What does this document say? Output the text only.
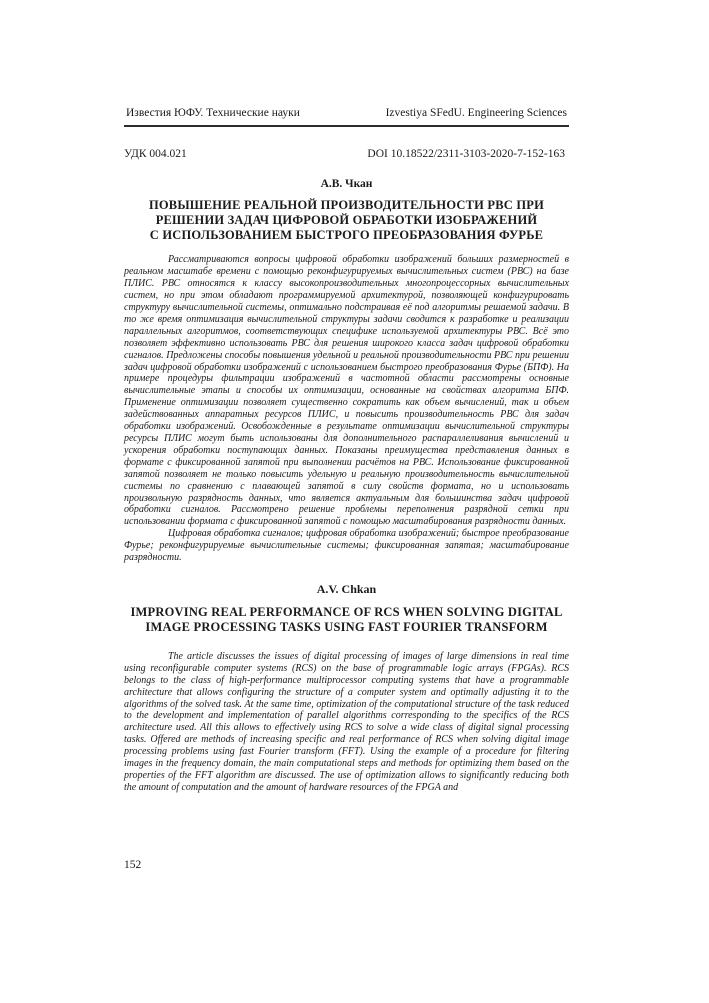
Известия ЮФУ. Технические науки	Izvestiya SFedU. Engineering Sciences
УДК 004.021	DOI 10.18522/2311-3103-2020-7-152-163
А.В. Чкан
ПОВЫШЕНИЕ РЕАЛЬНОЙ ПРОИЗВОДИТЕЛЬНОСТИ РВС ПРИ
РЕШЕНИИ ЗАДАЧ ЦИФРОВОЙ ОБРАБОТКИ ИЗОБРАЖЕНИЙ
С ИСПОЛЬЗОВАНИЕМ БЫСТРОГО ПРЕОБРАЗОВАНИЯ ФУРЬЕ

Рассматриваются вопросы цифровой обработки изображений больших размерностей в реальном масштабе времени с помощью реконфигурируемых вычислительных систем (РВС) на базе ПЛИС. РВС относятся к классу высокопроизводительных многопроцессорных вычислительных систем, но при этом обладают программируемой архитектурой, позволяющей конфигурировать структуру вычислительной системы, оптимально подстраивая её под алгоритмы решаемой задачи. В то же время оптимизация вычислительной структуры задачи сводится к разработке и реализации параллельных алгоритмов, соответствующих специфике используемой архитектуры РВС. Всё это позволяет эффективно использовать РВС для решения широкого класса задач цифровой обработки сигналов. Предложены способы повышения удельной и реальной производительности РВС при решении задач цифровой обработки изображений с использованием быстрого преобразования Фурье (БПФ). На примере процедуры фильтрации изображений в частотной области рассмотрены основные вычислительные этапы и способы их оптимизации, основанные на свойствах алгоритма БПФ. Применение оптимизации позволяет существенно сократить как объем вычислений, так и объем задействованных аппаратных ресурсов ПЛИС, и повысить производительность РВС для задач обработки изображений. Освобожденные в результате оптимизации вычислительной структуры ресурсы ПЛИС могут быть использованы для дополнительного распараллеливания вычислений и ускорения обработки поступающих данных. Показаны преимущества представления данных в формате с фиксированной запятой при выполнении расчётов на РВС. Использование фиксированной запятой позволяет не только повысить удельную и реальную производительность вычислительной системы по сравнению с плавающей запятой в силу свойств формата, но и использовать произвольную разрядность данных, что является актуальным для большинства задач цифровой обработки сигналов. Рассмотрено решение проблемы переполнения разрядной сетки при использовании формата с фиксированной запятой с помощью масштабирования разрядности данных.

Цифровая обработка сигналов; цифровая обработка изображений; быстрое преобразование Фурье; реконфигурируемые вычислительные системы; фиксированная запятая; масштабирование разрядности.

A.V. Chkan
IMPROVING REAL PERFORMANCE OF RCS WHEN SOLVING DIGITAL
IMAGE PROCESSING TASKS USING FAST FOURIER TRANSFORM

The article discusses the issues of digital processing of images of large dimensions in real time using reconfigurable computer systems (RCS) on the base of programmable logic arrays (FPGAs). RCS belongs to the class of high-performance multiprocessor computing systems that have a programmable architecture that allows configuring the structure of a computer system and optimally adjusting it to the algorithms of the solved task. At the same time, optimization of the computational structure of the task reduced to the development and implementation of parallel algorithms corresponding to the specifics of the RCS architecture used. All this allows to effectively using RCS to solve a wide class of digital signal processing tasks. Offered are methods of increasing specific and real performance of RCS when solving digital image processing problems using fast Fourier transform (FFT). Using the example of a procedure for filtering images in the frequency domain, the main computational steps and methods for optimizing them based on the properties of the FFT algorithm are discussed. The use of optimization allows to significantly reducing both the amount of computation and the amount of hardware resources of the FPGA and

152
